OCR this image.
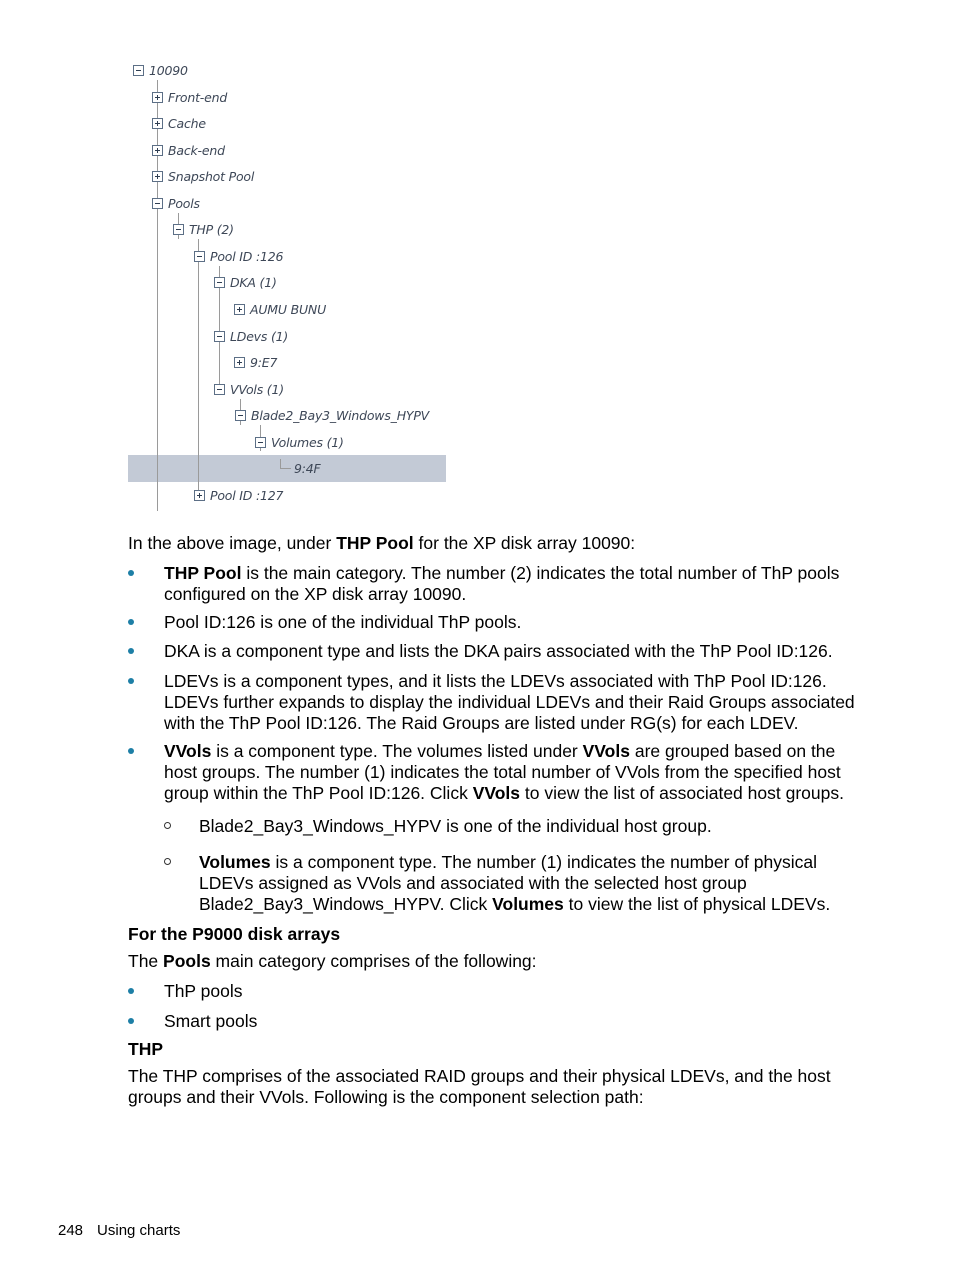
10090
Front-end
Cache
Back-end
Snapshot Pool
Pools
THP (2)
Pool ID :126
DKA (1)
AUMU BUNU
LDevs (1)
9:E7
VVols (1)
Blade2_Bay3_Windows_HYPV
Volumes (1)
9:4F
Pool ID :127
In the above image, under THP Pool for the XP disk array 10090:
THP Pool is the main category. The number (2) indicates the total number of ThP pools configured on the XP disk array 10090.
Pool ID:126 is one of the individual ThP pools.
DKA is a component type and lists the DKA pairs associated with the ThP Pool ID:126.
LDEVs is a component types, and it lists the LDEVs associated with ThP Pool ID:126. LDEVs further expands to display the individual LDEVs and their Raid Groups associated with the ThP Pool ID:126. The Raid Groups are listed under RG(s) for each LDEV.
VVols is a component type. The volumes listed under VVols are grouped based on the host groups. The number (1) indicates the total number of VVols from the specified host group within the ThP Pool ID:126. Click VVols to view the list of associated host groups.
Blade2_Bay3_Windows_HYPV is one of the individual host group.
Volumes is a component type. The number (1) indicates the number of physical LDEVs assigned as VVols and associated with the selected host group Blade2_Bay3_Windows_HYPV. Click Volumes to view the list of physical LDEVs.
For the P9000 disk arrays
The Pools main category comprises of the following:
ThP pools
Smart pools
THP
The THP comprises of the associated RAID groups and their physical LDEVs, and the host groups and their VVols. Following is the component selection path:
248 Using charts
